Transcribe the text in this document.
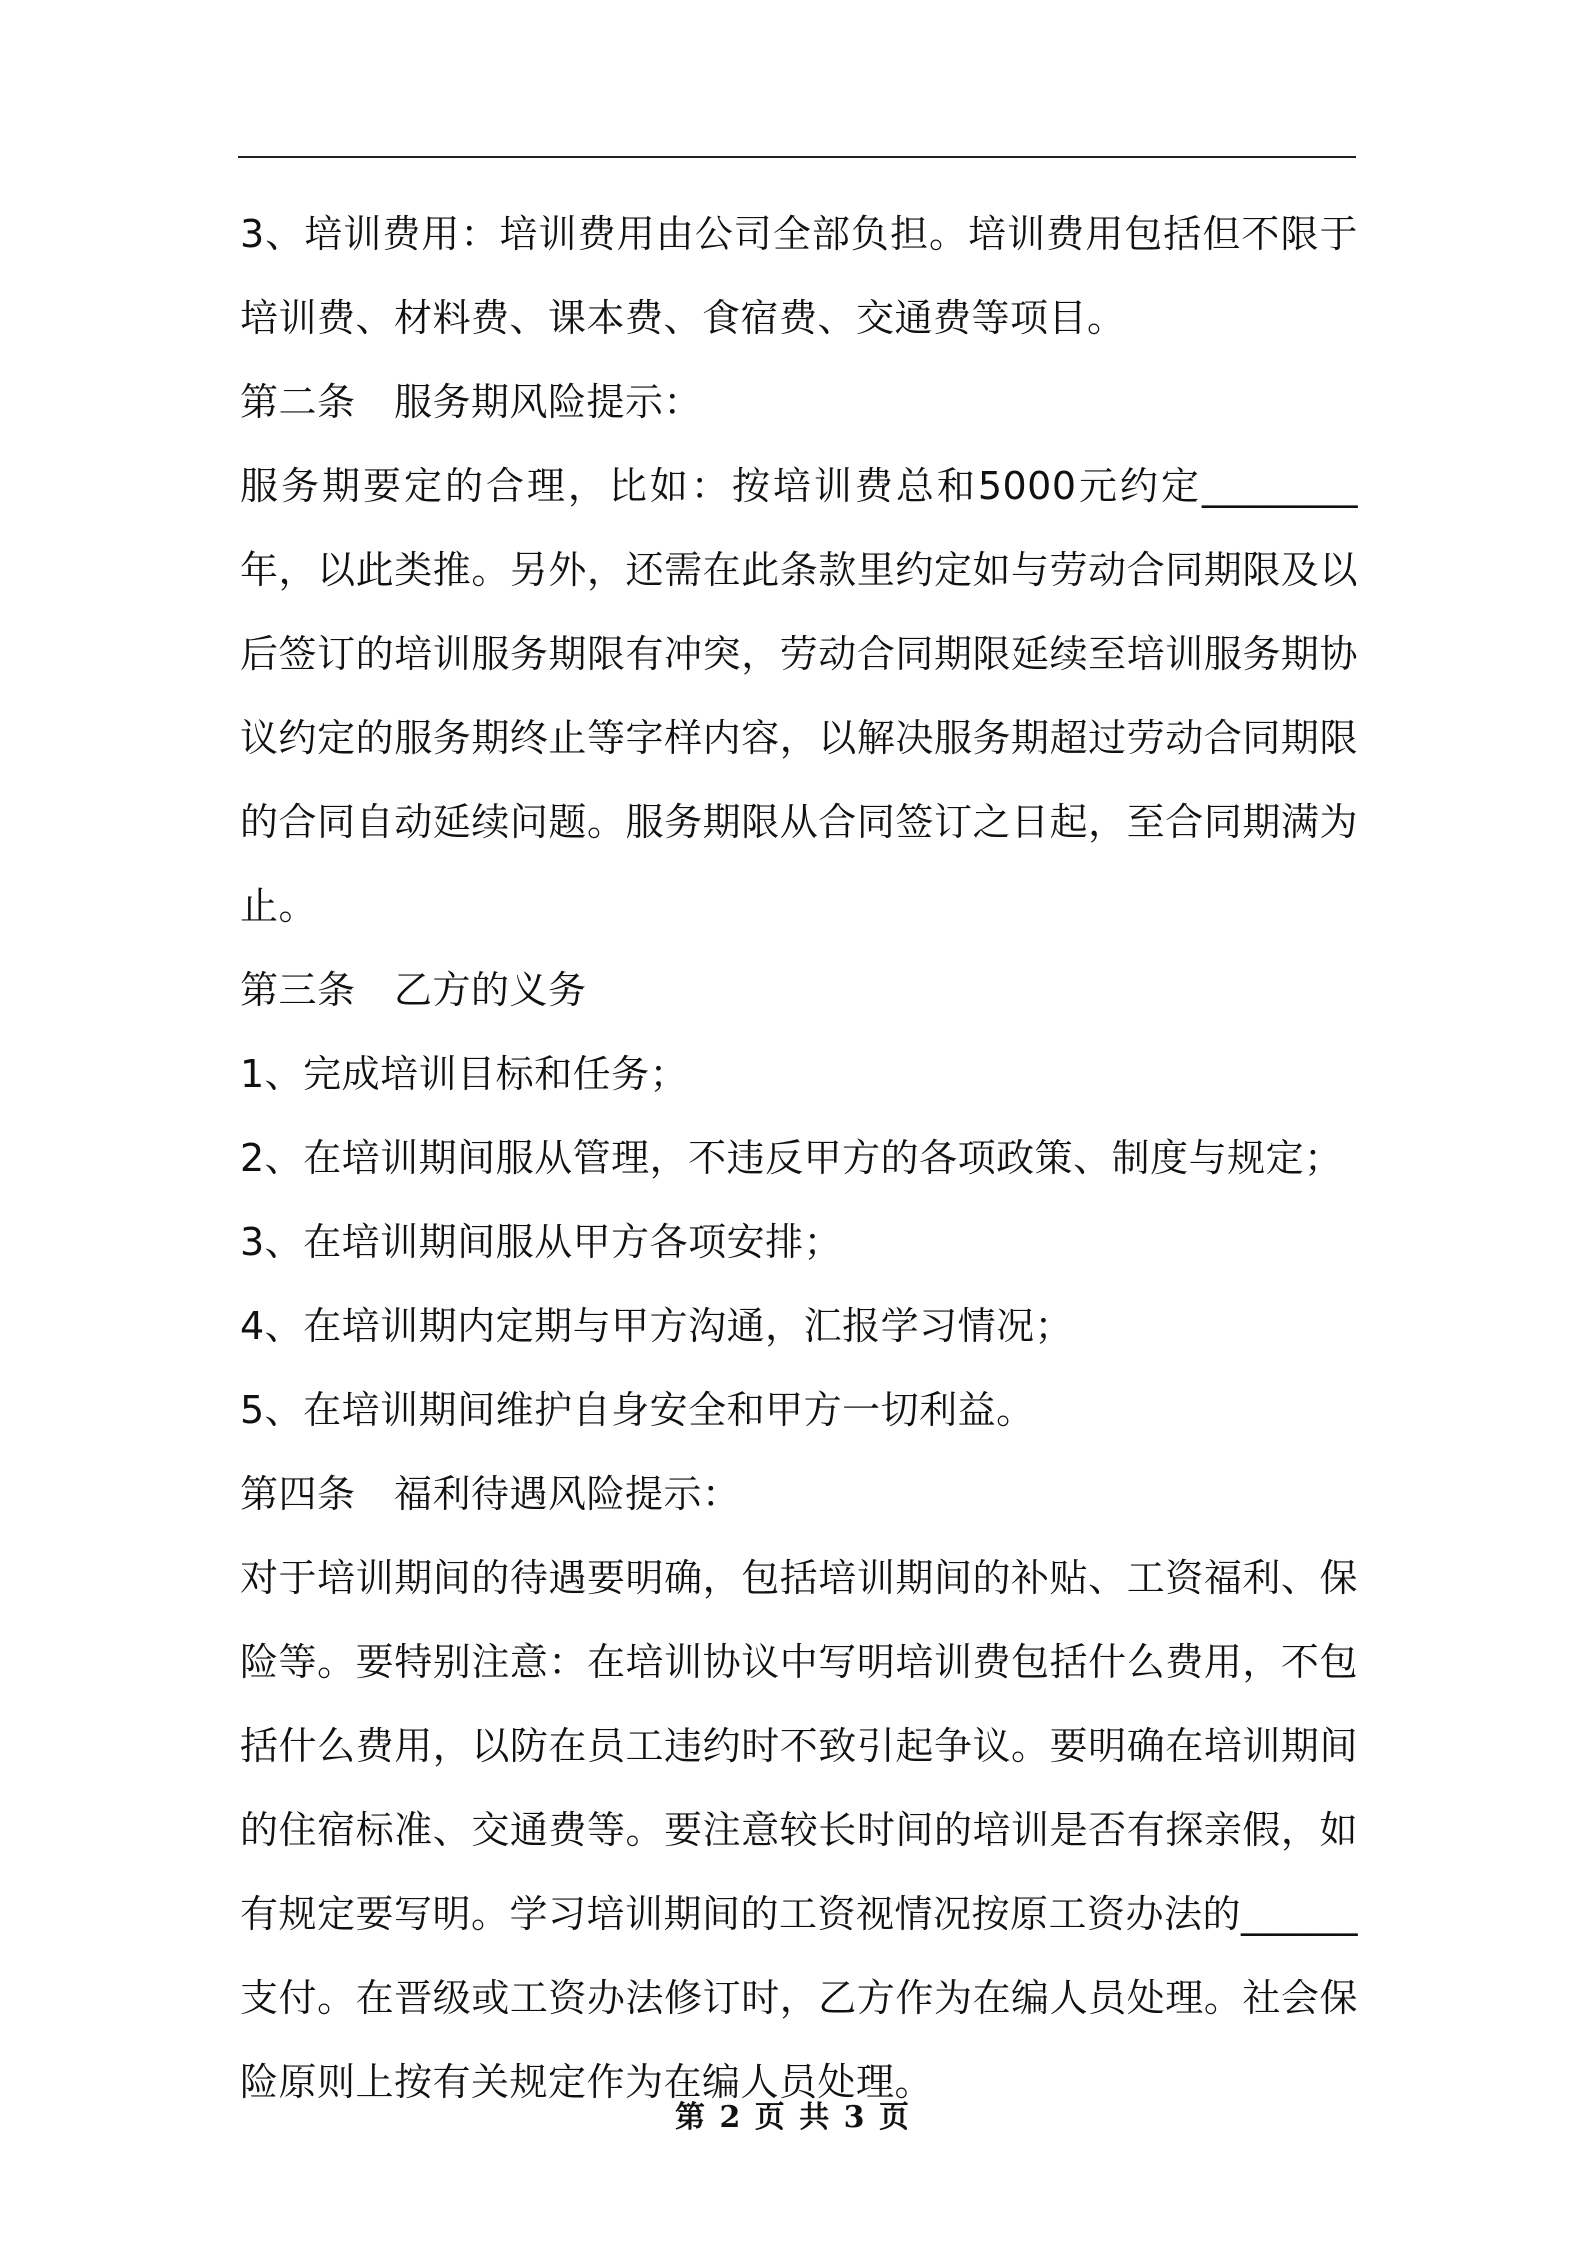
3、培训费用：培训费用由公司全部负担。培训费用包括但不限于培训费、材料费、课本费、食宿费、交通费等项目。

第二条　服务期风险提示：

服务期要定的合理，比如：按培训费总和5000元约定________年，以此类推。另外，还需在此条款里约定如与劳动合同期限及以后签订的培训服务期限有冲突，劳动合同期限延续至培训服务期协议约定的服务期终止等字样内容，以解决服务期超过劳动合同期限的合同自动延续问题。服务期限从合同签订之日起，至合同期满为止。

第三条　乙方的义务

1、完成培训目标和任务；

2、在培训期间服从管理，不违反甲方的各项政策、制度与规定；

3、在培训期间服从甲方各项安排；

4、在培训期内定期与甲方沟通，汇报学习情况；

5、在培训期间维护自身安全和甲方一切利益。

第四条　福利待遇风险提示：

对于培训期间的待遇要明确，包括培训期间的补贴、工资福利、保险等。要特别注意：在培训协议中写明培训费包括什么费用，不包括什么费用，以防在员工违约时不致引起争议。要明确在培训期间的住宿标准、交通费等。要注意较长时间的培训是否有探亲假，如有规定要写明。学习培训期间的工资视情况按原工资办法的______支付。在晋级或工资办法修订时，乙方作为在编人员处理。社会保险原则上按有关规定作为在编人员处理。

第 2 页 共 3 页
